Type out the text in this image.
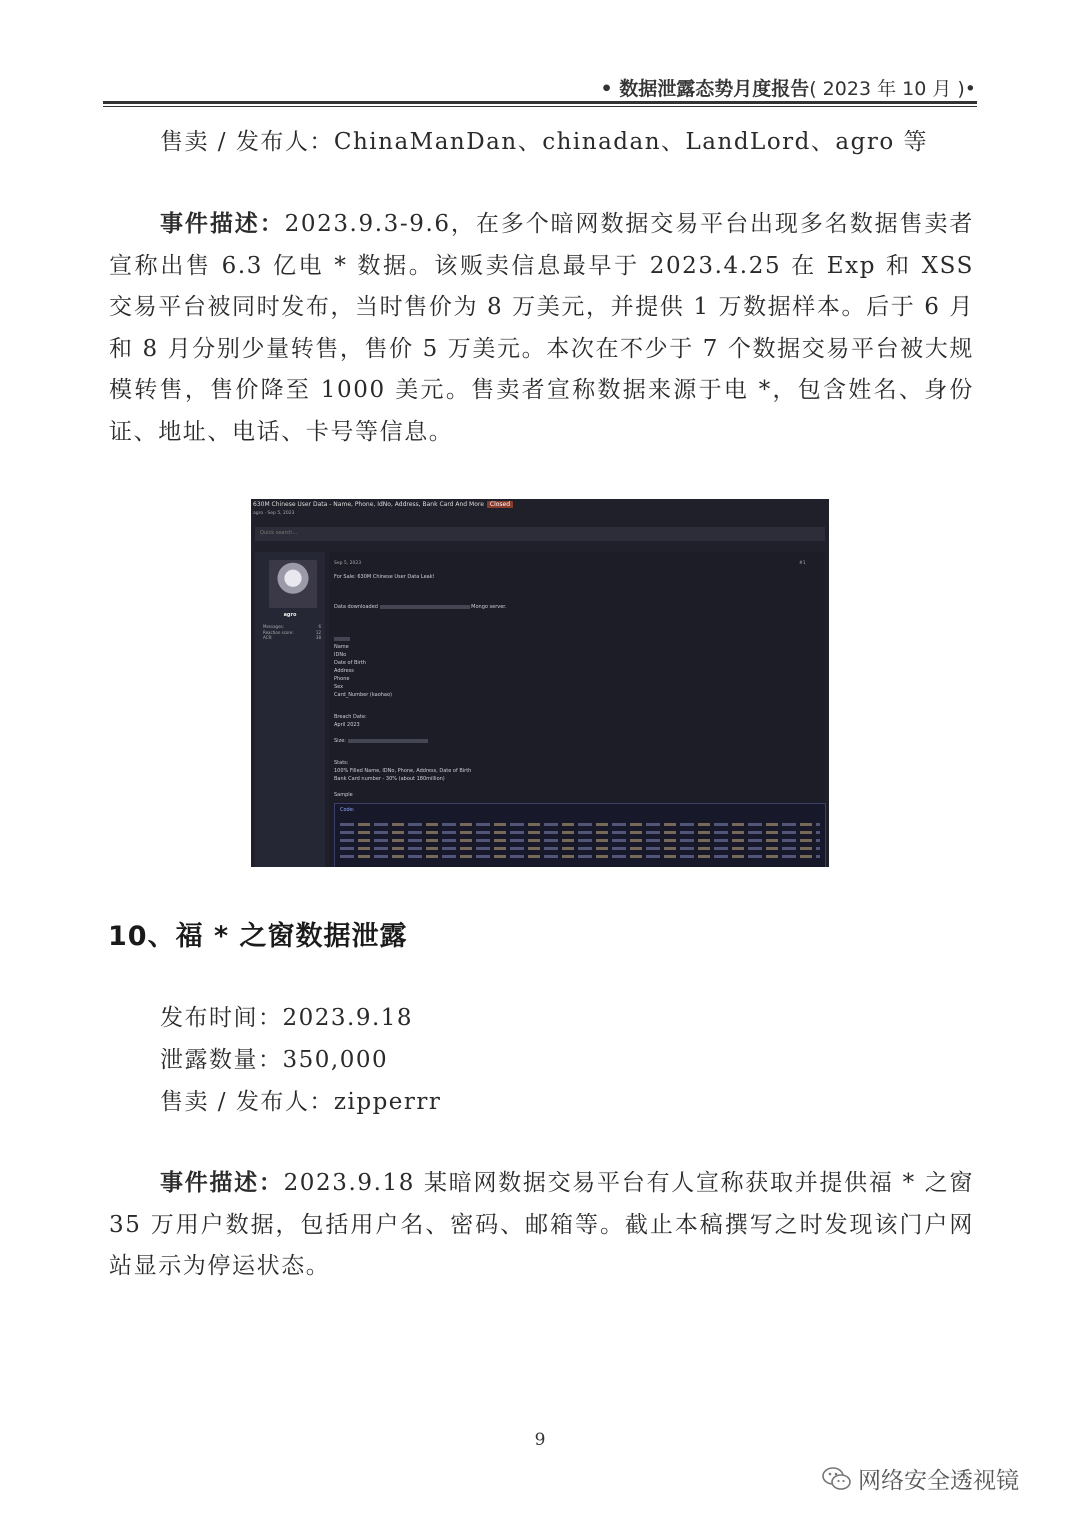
• 数据泄露态势月度报告( 2023 年 10 月 )•
售卖 / 发布人：ChinaManDan、chinadan、LandLord、agro 等

事件描述：2023.9.3-9.6，在多个暗网数据交易平台出现多名数据售卖者宣称出售 6.3 亿电 * 数据。该贩卖信息最早于 2023.4.25 在 Exp 和 XSS 交易平台被同时发布，当时售价为 8 万美元，并提供 1 万数据样本。后于 6 月和 8 月分别少量转售，售价 5 万美元。本次在不少于 7 个数据交易平台被大规模转售，售价降至 1000 美元。售卖者宣称数据来源于电 *，包含姓名、身份证、地址、电话、卡号等信息。

630M Chinese User Data - Name, Phone, IdNo, Address, Bank Card And More Closed
agro · Sep 5, 2023
Quick search...
agro
Messages:	6
Reaction score:	12
ACR:	38
Sep 5, 2023	#1
For Sale: 630M Chinese User Data Leak!
Data downloaded	Mongo server.
Name
IDNo
Date of Birth
Address
Phone
Sex
Card_Number (kaohao)
Breach Date:
April 2023
Size:
Stats:
100% Filled Name, IDNo, Phone, Address, Date of Birth
Bank Card number - 30% (about 180million)
Sample
Code:
10、福 * 之窗数据泄露
发布时间：2023.9.18
泄露数量：350,000
售卖 / 发布人：zipperrr

事件描述：2023.9.18 某暗网数据交易平台有人宣称获取并提供福 * 之窗 35 万用户数据，包括用户名、密码、邮箱等。截止本稿撰写之时发现该门户网站显示为停运状态。

9
网络安全透视镜
